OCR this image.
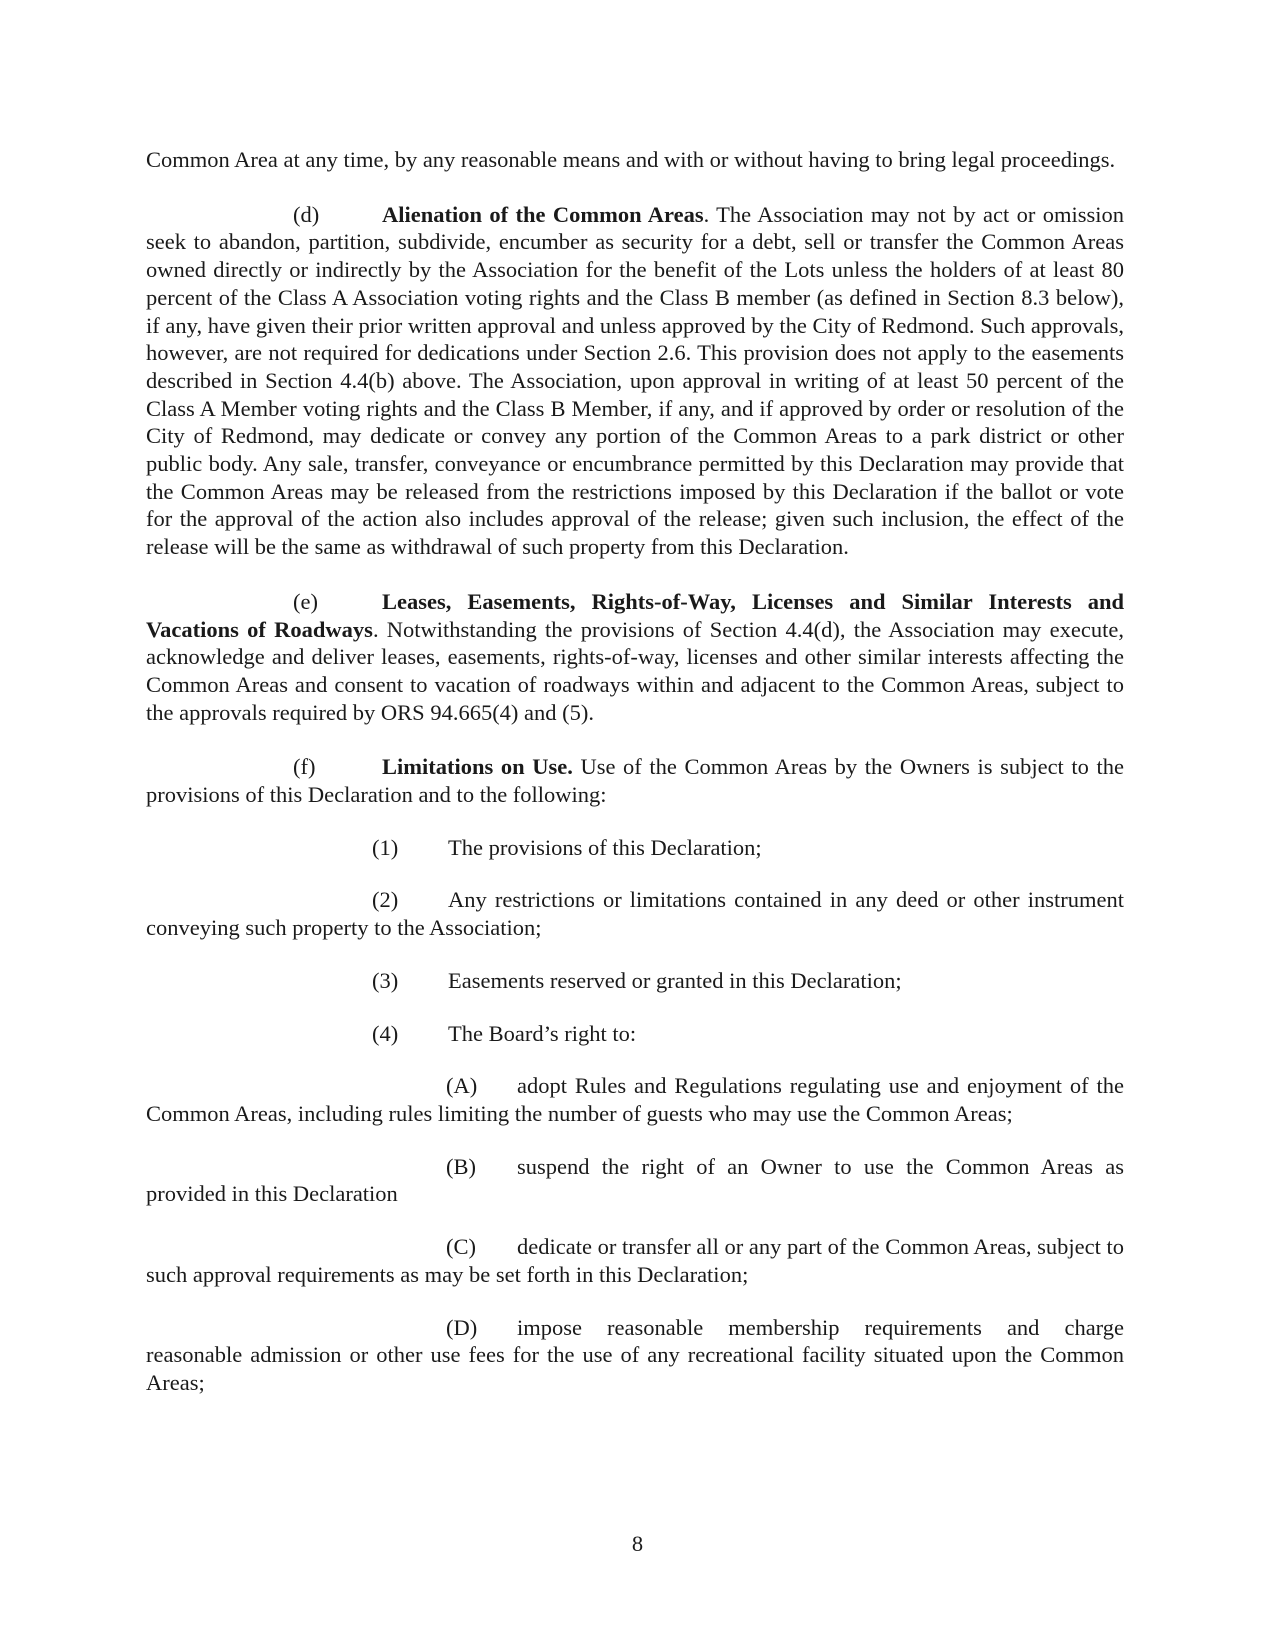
Common Area at any time, by any reasonable means and with or without having to bring legal proceedings.

(d)	Alienation of the Common Areas. The Association may not by act or omission seek to abandon, partition, subdivide, encumber as security for a debt, sell or transfer the Common Areas owned directly or indirectly by the Association for the benefit of the Lots unless the holders of at least 80 percent of the Class A Association voting rights and the Class B member (as defined in Section 8.3 below), if any, have given their prior written approval and unless approved by the City of Redmond. Such approvals, however, are not required for dedications under Section 2.6. This provision does not apply to the easements described in Section 4.4(b) above. The Association, upon approval in writing of at least 50 percent of the Class A Member voting rights and the Class B Member, if any, and if approved by order or resolution of the City of Redmond, may dedicate or convey any portion of the Common Areas to a park district or other public body. Any sale, transfer, conveyance or encumbrance permitted by this Declaration may provide that the Common Areas may be released from the restrictions imposed by this Declaration if the ballot or vote for the approval of the action also includes approval of the release; given such inclusion, the effect of the release will be the same as withdrawal of such property from this Declaration.

(e)	Leases, Easements, Rights-of-Way, Licenses and Similar Interests and Vacations of Roadways. Notwithstanding the provisions of Section 4.4(d), the Association may execute, acknowledge and deliver leases, easements, rights-of-way, licenses and other similar interests affecting the Common Areas and consent to vacation of roadways within and adjacent to the Common Areas, subject to the approvals required by ORS 94.665(4) and (5).

(f)	Limitations on Use. Use of the Common Areas by the Owners is subject to the provisions of this Declaration and to the following:

(1) The provisions of this Declaration;

(2) Any restrictions or limitations contained in any deed or other instrument conveying such property to the Association;

(3) Easements reserved or granted in this Declaration;

(4) The Board’s right to:

(A) adopt Rules and Regulations regulating use and enjoyment of the Common Areas, including rules limiting the number of guests who may use the Common Areas;

(B) suspend the right of an Owner to use the Common Areas as provided in this Declaration

(C) dedicate or transfer all or any part of the Common Areas, subject to such approval requirements as may be set forth in this Declaration;

(D) impose reasonable membership requirements and charge reasonable admission or other use fees for the use of any recreational facility situated upon the Common Areas;

8
